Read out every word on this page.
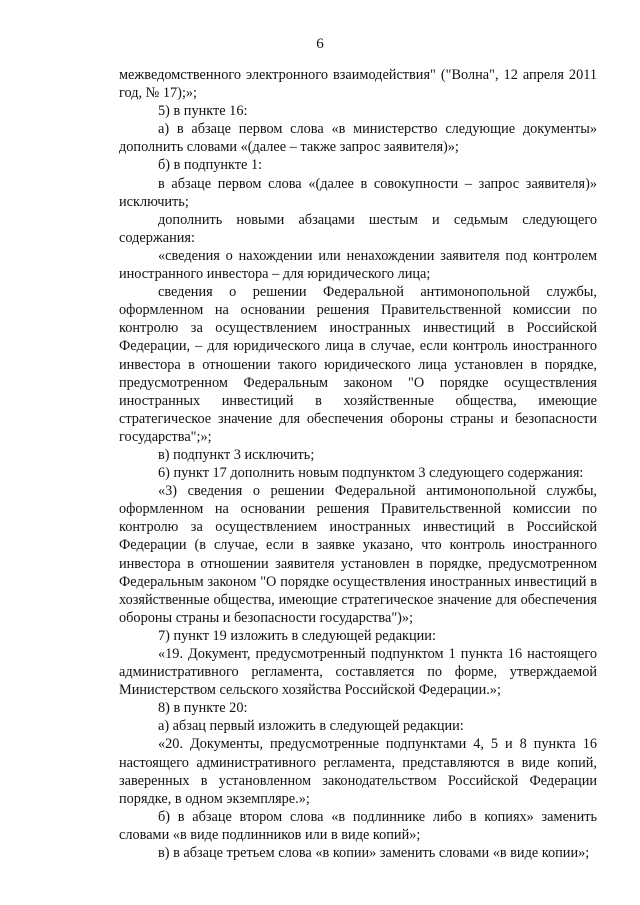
6

межведомственного электронного взаимодействия" ("Волна", 12 апреля 2011 год, № 17);»;

5) в пункте 16:

а) в абзаце первом слова «в министерство следующие документы» дополнить словами «(далее – также запрос заявителя)»;

б) в подпункте 1:

в абзаце первом слова «(далее в совокупности – запрос заявителя)» исключить;

дополнить новыми абзацами шестым и седьмым следующего содержания:

«сведения о нахождении или ненахождении заявителя под контролем иностранного инвестора – для юридического лица;

сведения о решении Федеральной антимонопольной службы, оформленном на основании решения Правительственной комиссии по контролю за осуществлением иностранных инвестиций в Российской Федерации, – для юридического лица в случае, если контроль иностранного инвестора в отношении такого юридического лица установлен в порядке, предусмотренном Федеральным законом "О порядке осуществления иностранных инвестиций в хозяйственные общества, имеющие стратегическое значение для обеспечения обороны страны и безопасности государства";»;

в) подпункт 3 исключить;

6) пункт 17 дополнить новым подпунктом 3 следующего содержания:

«3) сведения о решении Федеральной антимонопольной службы, оформленном на основании решения Правительственной комиссии по контролю за осуществлением иностранных инвестиций в Российской Федерации (в случае, если в заявке указано, что контроль иностранного инвестора в отношении заявителя установлен в порядке, предусмотренном Федеральным законом "О порядке осуществления иностранных инвестиций в хозяйственные общества, имеющие стратегическое значение для обеспечения обороны страны и безопасности государства")»;

7) пункт 19 изложить в следующей редакции:

«19. Документ, предусмотренный подпунктом 1 пункта 16 настоящего административного регламента, составляется по форме, утверждаемой Министерством сельского хозяйства Российской Федерации.»;

8) в пункте 20:

а) абзац первый изложить в следующей редакции:

«20. Документы, предусмотренные подпунктами 4, 5 и 8 пункта 16 настоящего административного регламента, представляются в виде копий, заверенных в установленном законодательством Российской Федерации порядке, в одном экземпляре.»;

б) в абзаце втором слова «в подлиннике либо в копиях» заменить словами «в виде подлинников или в виде копий»;

в) в абзаце третьем слова «в копии» заменить словами «в виде копии»;
